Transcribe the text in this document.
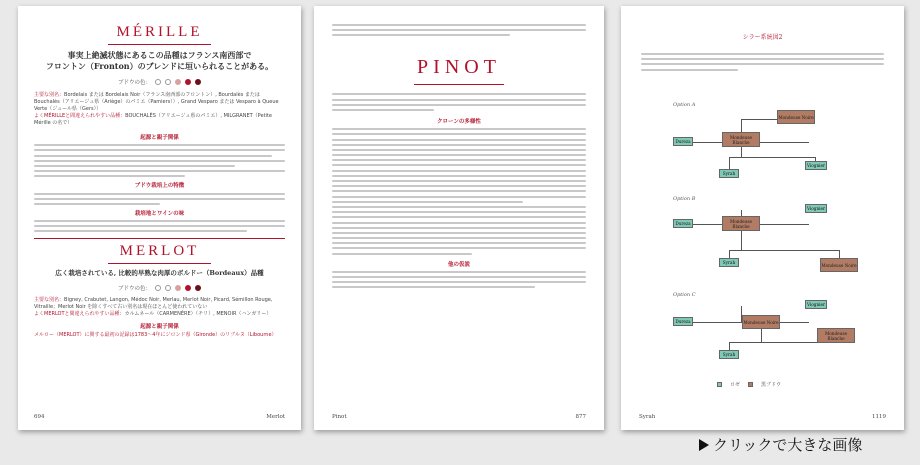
MÉRILLE
事実上絶滅状態にあるこの品種はフランス南西部で
フロントン（Fronton）のブレンドに垣いられることがある。
ブドウの色：
主要な別名：Bordelais または Bordelais Noir（フランス南西部のフロントン）, Bourdalès または Bouchalès（アリエージュ県（Ariège）のパミエ（Pamiers））, Grand Vesparo または Vesparo à Queue Verte（ジュール県（Gers））
よくMÉRILLEと間違えられやすい品種：BOUCHALÈS（アリエージュ県のパミエ）, MILGRANET（Petite Mérille の名で）
起源と親子関係
ブドウ栽培上の特徴
栽培地とワインの味
MERLOT
広く栽培されている, 比較的早熟な肉厚のボルドー（Bordeaux）品種
ブドウの色：
主要な別名：Bigney, Crabutet, Langon, Médoc Noir, Merlau, Merlot Noir, Picard, Sémillon Rouge, Vitraille；Merlot Noir を除くすべて古い別名は現在ほとんど使われていない
よくMERLOTと間違えられやすい品種：カルムネール（CARMENÈRE）（チリ）, MENOIR（ハンガリー）
起源と親子関係
メルロー（MERLOT）に関する最初の記録は1783〜4年にジロンド県（Gironde）のリブルヌ（Libourne）
694	Merlot
PINOT
クローンの多様性
他の仮説
Pinot	877
シラー系統図2
Option A
Mondeuse Noire
Dureza
Mondeuse Blanche
Syrah
Viognier
Option B
Dureza	Mondeuse Blanche
Viognier
Syrah	Mondeuse Noire
Option C
Dureza	Mondeuse Noire
Viognier
Syrah
Mondeuse Blanche
ロゼ	黒ブドウ
Syrah	1119
クリックで大きな画像
